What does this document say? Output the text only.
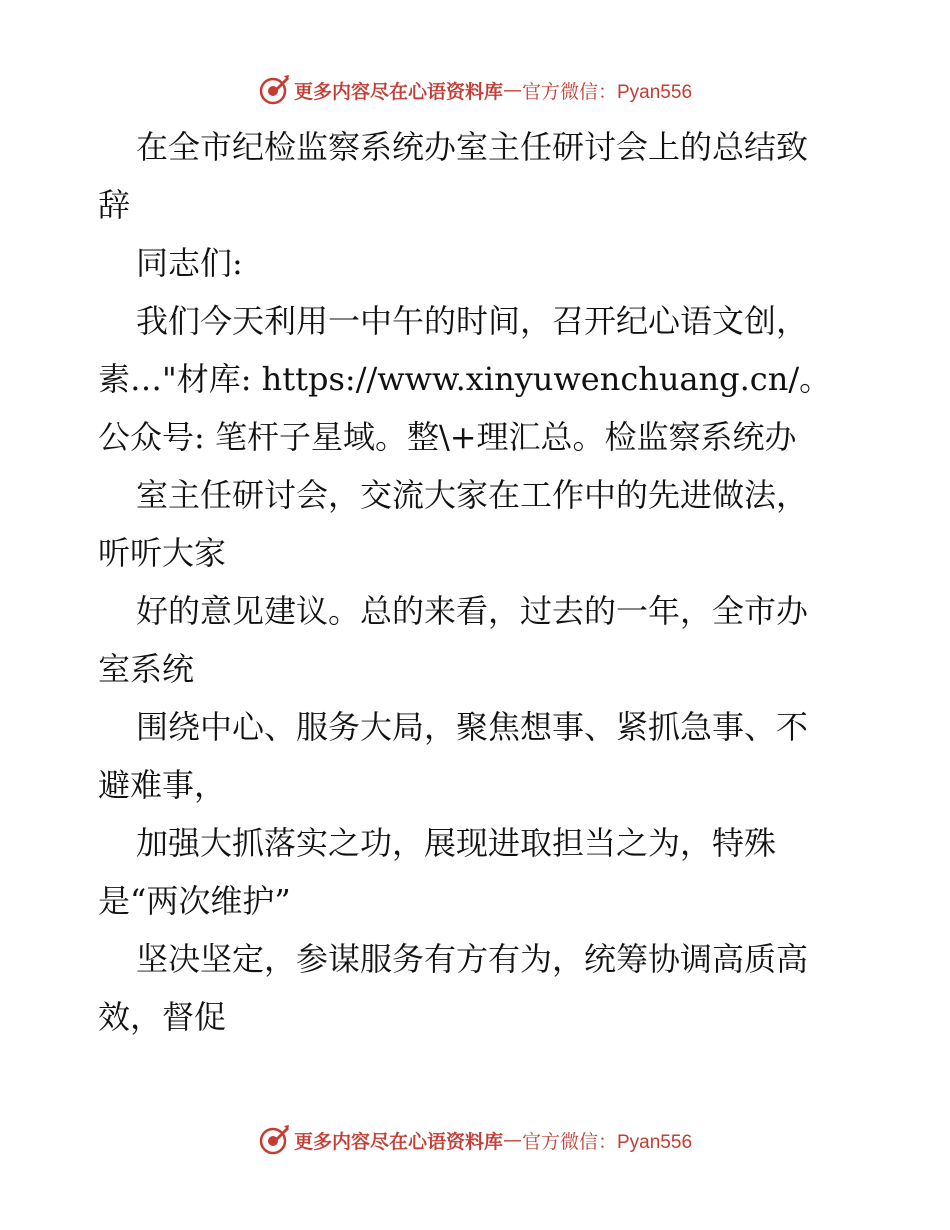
更多内容尽在心语资料库 — 官方微信：Pyan556
在全市纪检监察系统办室主任研讨会上的总结致
辞
同志们:
我们今天利用一中午的时间，召开纪心语文创，
素…"材库: https://www.xinyuwenchuang.cn/。
公众号: 笔杆子星域。整\+理汇总。检监察系统办
室主任研讨会，交流大家在工作中的先进做法，
听听大家
好的意见建议。总的来看，过去的一年，全市办
室系统
围绕中心、服务大局，聚焦想事、紧抓急事、不
避难事，
加强大抓落实之功，展现进取担当之为，特殊
是“两次维护”
坚决坚定，参谋服务有方有为，统筹协调高质高
效，督促
更多内容尽在心语资料库 — 官方微信：Pyan556
